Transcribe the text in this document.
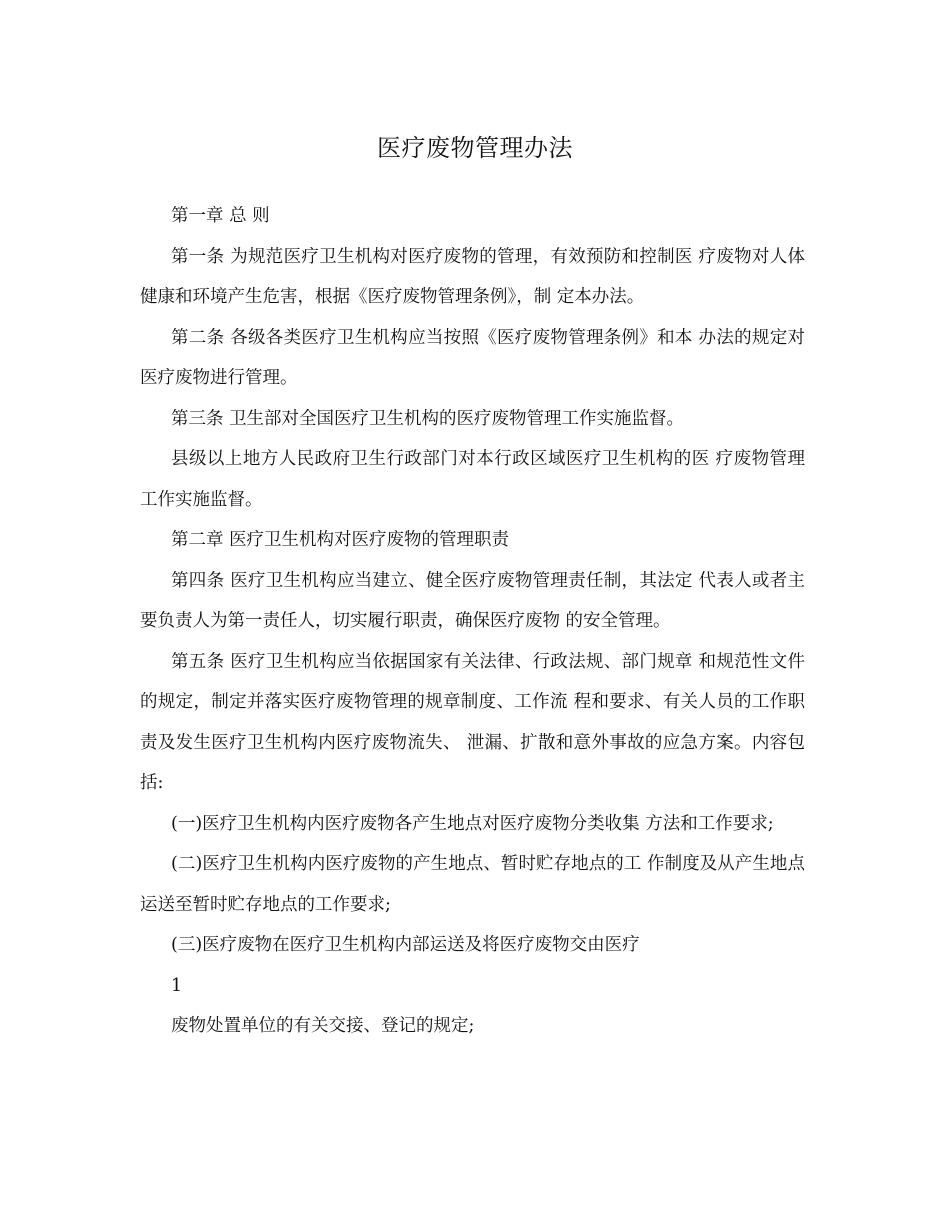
医疗废物管理办法

第一章 总 则

第一条 为规范医疗卫生机构对医疗废物的管理，有效预防和控制医 疗废物对人体健康和环境产生危害，根据《医疗废物管理条例》，制 定本办法。

第二条 各级各类医疗卫生机构应当按照《医疗废物管理条例》和本 办法的规定对医疗废物进行管理。

第三条 卫生部对全国医疗卫生机构的医疗废物管理工作实施监督。

县级以上地方人民政府卫生行政部门对本行政区域医疗卫生机构的医 疗废物管理工作实施监督。

第二章 医疗卫生机构对医疗废物的管理职责

第四条 医疗卫生机构应当建立、健全医疗废物管理责任制，其法定 代表人或者主要负责人为第一责任人，切实履行职责，确保医疗废物 的安全管理。

第五条 医疗卫生机构应当依据国家有关法律、行政法规、部门规章 和规范性文件的规定，制定并落实医疗废物管理的规章制度、工作流 程和要求、有关人员的工作职责及发生医疗卫生机构内医疗废物流失、 泄漏、扩散和意外事故的应急方案。内容包括:

(一)医疗卫生机构内医疗废物各产生地点对医疗废物分类收集 方法和工作要求;

(二)医疗卫生机构内医疗废物的产生地点、暂时贮存地点的工 作制度及从产生地点运送至暂时贮存地点的工作要求;

(三)医疗废物在医疗卫生机构内部运送及将医疗废物交由医疗

1

废物处置单位的有关交接、登记的规定;
